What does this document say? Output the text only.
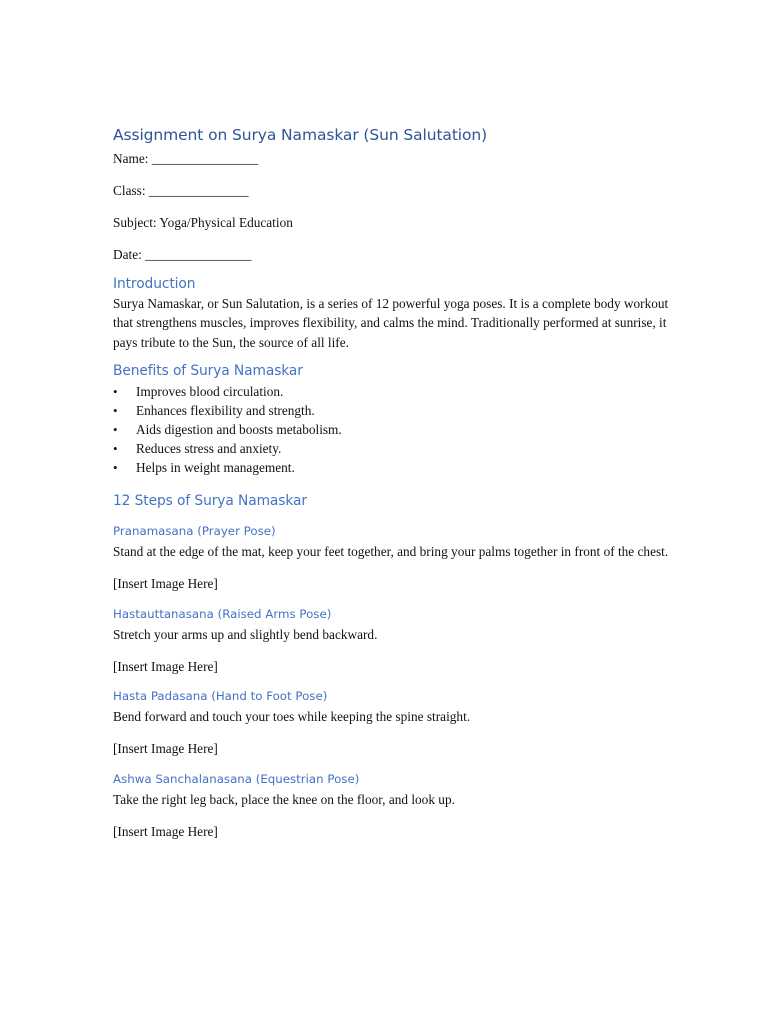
Assignment on Surya Namaskar (Sun Salutation)

Name: ________________

Class: _______________

Subject: Yoga/Physical Education

Date: ________________

Introduction

Surya Namaskar, or Sun Salutation, is a series of 12 powerful yoga poses. It is a complete body workout that strengthens muscles, improves flexibility, and calms the mind. Traditionally performed at sunrise, it pays tribute to the Sun, the source of all life.

Benefits of Surya Namaskar
• Improves blood circulation.
• Enhances flexibility and strength.
• Aids digestion and boosts metabolism.
• Reduces stress and anxiety.
• Helps in weight management.
12 Steps of Surya Namaskar
Pranamasana (Prayer Pose)

Stand at the edge of the mat, keep your feet together, and bring your palms together in front of the chest.

[Insert Image Here]

Hastauttanasana (Raised Arms Pose)

Stretch your arms up and slightly bend backward.

[Insert Image Here]

Hasta Padasana (Hand to Foot Pose)

Bend forward and touch your toes while keeping the spine straight.

[Insert Image Here]

Ashwa Sanchalanasana (Equestrian Pose)

Take the right leg back, place the knee on the floor, and look up.

[Insert Image Here]
